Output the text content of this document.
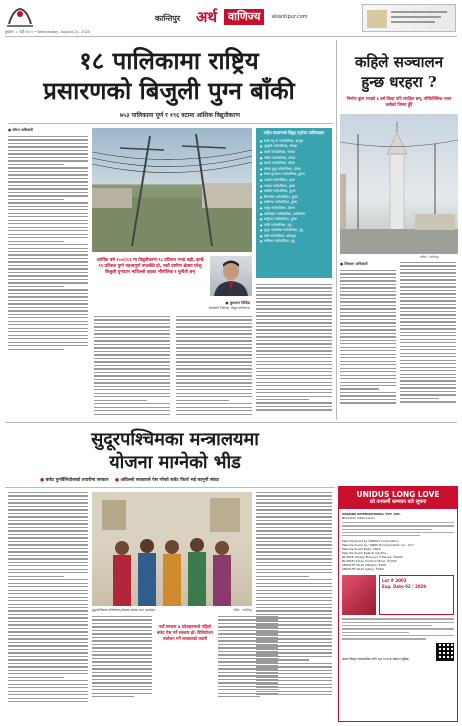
कान्तिपुर अर्थ वाणिज्य	ekantipur.com
बुधबार, ८ भदौ २०८१ • Wednesday, August 21, 2024
१८ पालिकामा राष्ट्रिय
प्रसारणको बिजुली पुग्न बाँकी
७५३ पालिकामा पूर्ण र १९६ वटामा आंशिक विद्युतीकरण
● सौरभ अधिकारी	राष्ट्रिय प्रसारणको विद्युत् नपुगेका पालिकाहरू
● सर्खे ज्यू मा गाउँपालिका, बाजुरा
● पुस्कुरी गाउँपालिका, गोरखा
● धार्ची गाउँपालिका, गोरखा
● ताँसेन गाउँपालिका, दोल्पा
● छार्का गाउँपालिका, दोल्पा
● डोल्पो बुद्ध गाउँपालिका, दोल्पा
● केलो सुन्दरवन गाउँपालिका, हुम्ला
● आदर्श गाउँपालिका, हुम्ला
● नाम्खा गाउँपालिका, हुम्ला
● चंखेली गाउँपालिका, हुम्ला
● सिमकोट गाउँपालिका, हुम्ला
● सर्खेगाड गाउँपालिका, हुम्ला
● तर्जुब गाउँपालिका, दोल्पा
● कालिकोट गाउँपालिका, कालिकोट
● खर्पुनाथ गाउँपालिका, हुम्ला
● काँके गाउँपालिका, मुगु
● मुगुम कार्मारोङ गाउँपालिका, मुगु
● ठोले गाउँपालिका, डडेल्धुरा
● मालिका गाउँपालिका, मुगु
आर्थिक वर्ष २०८०/८१ मा विद्युतीकरण ९८ प्रतिशत भन्दा बढी, झन्डै ९९ प्रतिशत पुग्ने महत्त्वपूर्ण उपलब्धि हो, यस्तै ग्रामीण क्षेत्रमा घरेलु बिजुली पुर्‍याउन माथिल्लो तहका भौगोलिक र चुनौती छन्
● कुलमान घिसिङ
कार्यकारी निर्देशक, विद्युत प्राधिकरण
कहिले सञ्चालन
हुन्छ धरहरा ?
निर्माण कुरा भएको ६ वर्ष बित्दा पनि संरक्षित छन्, पोलिटेक्निक भवन कसैको जिम्मा हुँदै
तस्बिर : कान्तिपुर
● शिवराम अधिकारी
सुदूरपश्चिमका मन्त्रालयमा
योजना माग्नेको भीड
● बजेट पुनर्विनियोजको तयारीमा सरकार ● अघिल्लो सरकारले पेस गरेको बजेट फिर्ता भई कानुनी संकट
सुदूरपश्चिमको मन्त्रिपरिषद् बैठकमा योजना माग्न आउनेहरू	तस्बिर : कान्तिपुर
नयाँ सरकार ७ प्रदेशहरुमध्ये पहिलो बजेट पेस गर्ने सरकार हो। विनियोजन संशोधन गर्ने सरकारको तयारी
UNIDUS LONG LOVE
को वनकर्मी कम्प्यान बारे सूचना
GRANDE INTERNATIONAL PVT. LTD.
Bhotahiti, Kathmandu
Manufactured by UNIDUS Corporation
Manufactured by "UNIDUS Corporation Co., Ltd"
Manufactured Date: 2024
Manufactured Date 8 months
BLUSSE (Grape Flavour) 3 Pieces: ₹2000
BLUSSE (Close Control Ultra): ₹1000
SMOOTH SILKY (Mixed): ₹300
SMOOTH SILKY (Jelly): ₹400
Lot # 2003
Exp. Date 02 / 2029
अथवा विस्तृत जानकारीका लागि QR CODE स्क्यान गर्नुहोस्।
